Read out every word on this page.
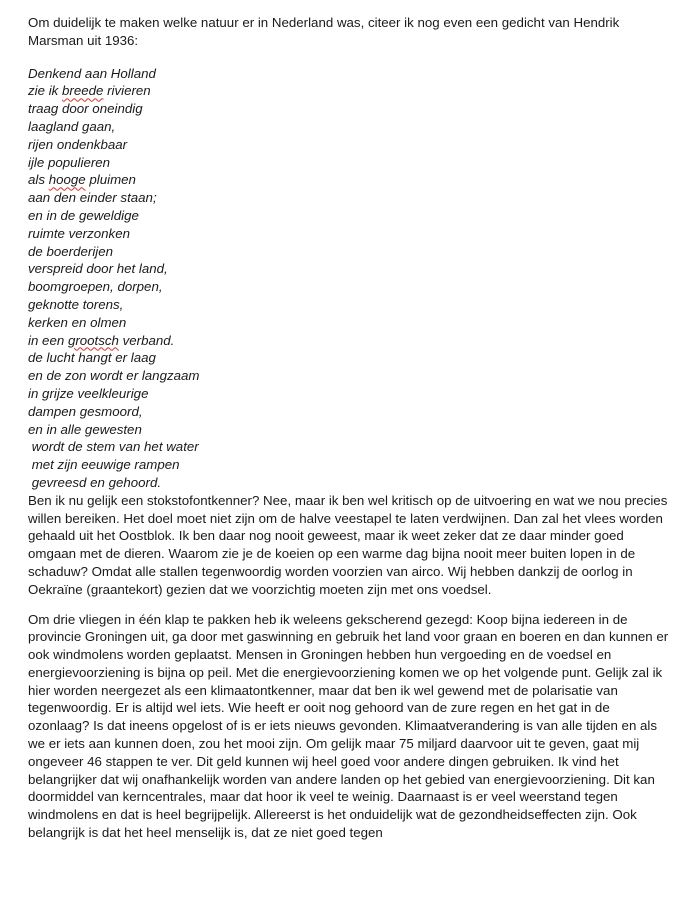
Om duidelijk te maken welke natuur er in Nederland was, citeer ik nog even een gedicht van Hendrik Marsman uit 1936:

Denkend aan Holland
zie ik breede rivieren
traag door oneindig
laagland gaan,
rijen ondenkbaar
ijle populieren
als hooge pluimen
aan den einder staan;
en in de geweldige
ruimte verzonken
de boerderijen
verspreid door het land,
boomgroepen, dorpen,
geknotte torens,
kerken en olmen
in een grootsch verband.
de lucht hangt er laag
en de zon wordt er langzaam
in grijze veelkleurige
dampen gesmoord,
en in alle gewesten
wordt de stem van het water
met zijn eeuwige rampen
gevreesd en gehoord.

Ben ik nu gelijk een stokstofontkenner? Nee, maar ik ben wel kritisch op de uitvoering en wat we nou precies willen bereiken. Het doel moet niet zijn om de halve veestapel te laten verdwijnen. Dan zal het vlees worden gehaald uit het Oostblok. Ik ben daar nog nooit geweest, maar ik weet zeker dat ze daar minder goed omgaan met de dieren. Waarom zie je de koeien op een warme dag bijna nooit meer buiten lopen in de schaduw? Omdat alle stallen tegenwoordig worden voorzien van airco. Wij hebben dankzij de oorlog in Oekraïne (graantekort) gezien dat we voorzichtig moeten zijn met ons voedsel.

Om drie vliegen in één klap te pakken heb ik weleens gekscherend gezegd: Koop bijna iedereen in de provincie Groningen uit, ga door met gaswinning en gebruik het land voor graan en boeren en dan kunnen er ook windmolens worden geplaatst. Mensen in Groningen hebben hun vergoeding en de voedsel en energievoorziening is bijna op peil. Met die energievoorziening komen we op het volgende punt. Gelijk zal ik hier worden neergezet als een klimaatontkenner, maar dat ben ik wel gewend met de polarisatie van tegenwoordig. Er is altijd wel iets. Wie heeft er ooit nog gehoord van de zure regen en het gat in de ozonlaag? Is dat ineens opgelost of is er iets nieuws gevonden. Klimaatverandering is van alle tijden en als we er iets aan kunnen doen, zou het mooi zijn. Om gelijk maar 75 miljard daarvoor uit te geven, gaat mij ongeveer 46 stappen te ver. Dit geld kunnen wij heel goed voor andere dingen gebruiken. Ik vind het belangrijker dat wij onafhankelijk worden van andere landen op het gebied van energievoorziening. Dit kan doormiddel van kerncentrales, maar dat hoor ik veel te weinig. Daarnaast is er veel weerstand tegen windmolens en dat is heel begrijpelijk. Allereerst is het onduidelijk wat de gezondheidseffecten zijn. Ook belangrijk is dat het heel menselijk is, dat ze niet goed tegen
